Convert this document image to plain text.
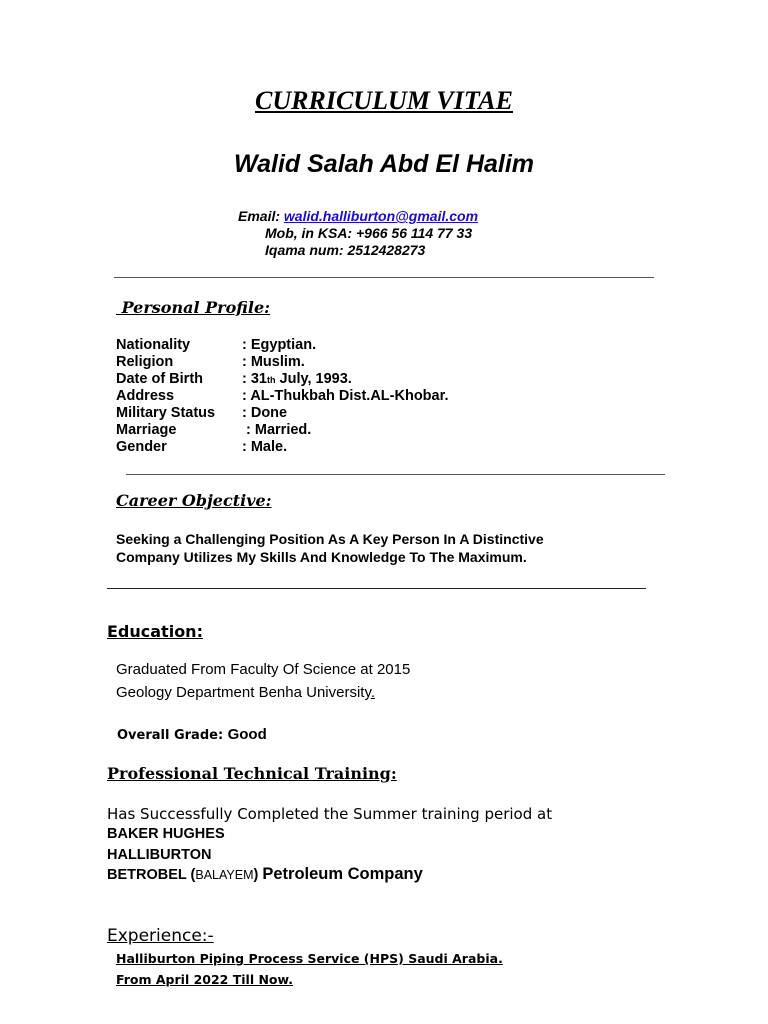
CURRICULUM VITAE
Walid Salah Abd El Halim
Email: walid.halliburton@gmail.com
Mob, in KSA: +966 56 114 77 33
Iqama num: 2512428273
Personal Profile:
Nationality	: Egyptian.
Religion	: Muslim.
Date of Birth	: 31th July, 1993.
Address	: AL-Thukbah Dist.AL-Khobar.
Military Status : Done
Marriage	: Married.
Gender	: Male.
Career Objective:
Seeking a Challenging Position As A Key Person In A Distinctive
Company Utilizes My Skills And Knowledge To The Maximum.
Education:
Graduated From Faculty Of Science at 2015
Geology Department Benha University.
Overall Grade: Good
Professional Technical Training:
Has Successfully Completed the Summer training period at
BAKER HUGHES
HALLIBURTON
BETROBEL (BALAYEM) Petroleum Company
Experience:-
Halliburton Piping Process Service (HPS) Saudi Arabia.
From April 2022 Till Now.
